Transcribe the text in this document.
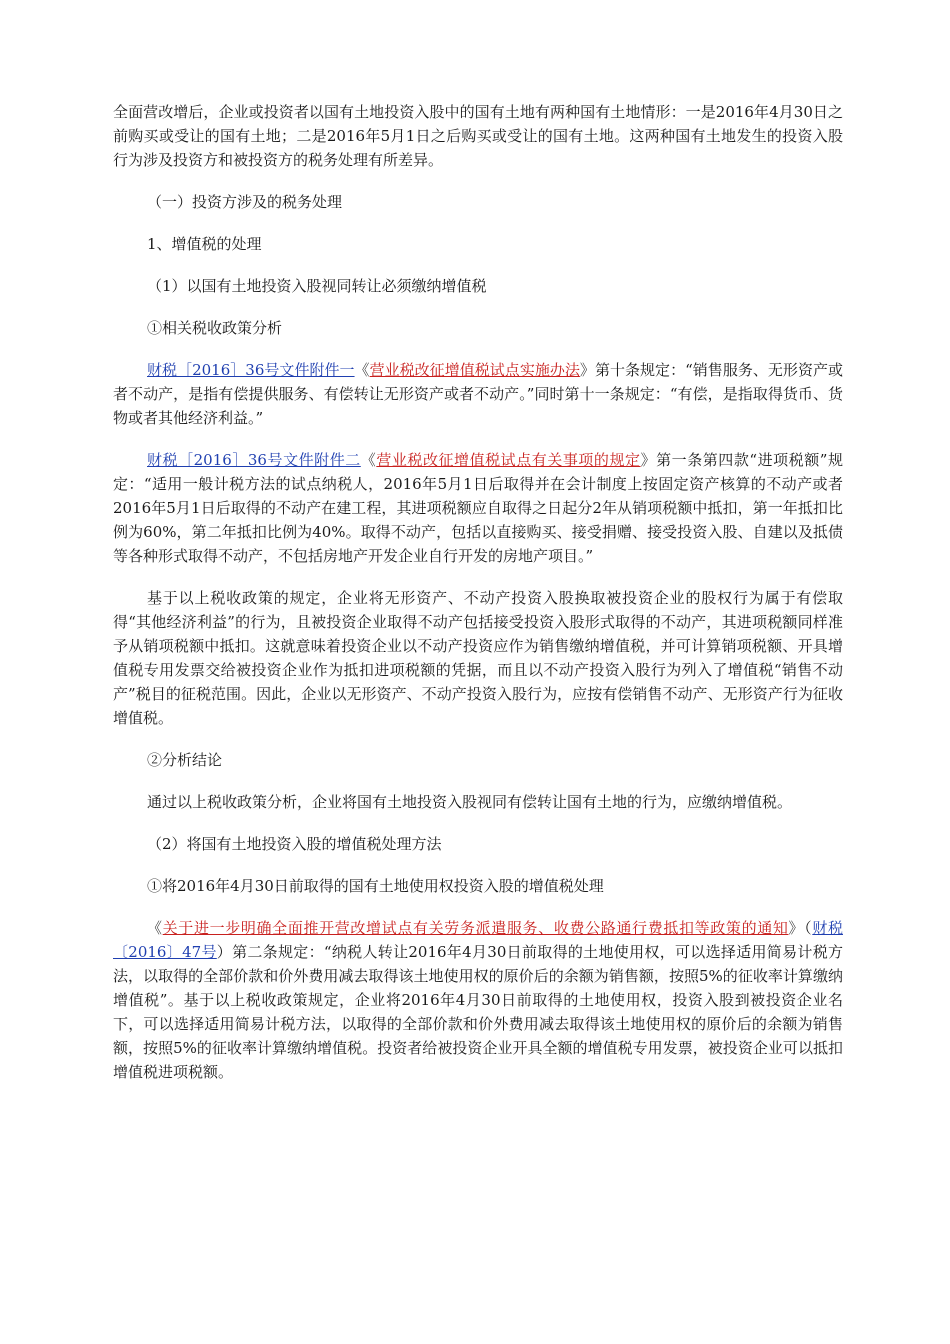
全面营改增后，企业或投资者以国有土地投资入股中的国有土地有两种国有土地情形：一是2016年4月30日之前购买或受让的国有土地；二是2016年5月1日之后购买或受让的国有土地。这两种国有土地发生的投资入股行为涉及投资方和被投资方的税务处理有所差异。

（一）投资方涉及的税务处理

1、增值税的处理

（1）以国有土地投资入股视同转让必须缴纳增值税

①相关税收政策分析

财税［2016］36号文件附件一《营业税改征增值税试点实施办法》第十条规定：“销售服务、无形资产或者不动产，是指有偿提供服务、有偿转让无形资产或者不动产。”同时第十一条规定：“有偿，是指取得货币、货物或者其他经济利益。”

财税［2016］36号文件附件二《营业税改征增值税试点有关事项的规定》第一条第四款“进项税额”规定：“适用一般计税方法的试点纳税人，2016年5月1日后取得并在会计制度上按固定资产核算的不动产或者2016年5月1日后取得的不动产在建工程，其进项税额应自取得之日起分2年从销项税额中抵扣，第一年抵扣比例为60%，第二年抵扣比例为40%。取得不动产，包括以直接购买、接受捐赠、接受投资入股、自建以及抵债等各种形式取得不动产，不包括房地产开发企业自行开发的房地产项目。”

基于以上税收政策的规定，企业将无形资产、不动产投资入股换取被投资企业的股权行为属于有偿取得“其他经济利益”的行为，且被投资企业取得不动产包括接受投资入股形式取得的不动产，其进项税额同样准予从销项税额中抵扣。这就意味着投资企业以不动产投资应作为销售缴纳增值税，并可计算销项税额、开具增值税专用发票交给被投资企业作为抵扣进项税额的凭据，而且以不动产投资入股行为列入了增值税“销售不动产”税目的征税范围。因此，企业以无形资产、不动产投资入股行为，应按有偿销售不动产、无形资产行为征收增值税。

②分析结论

通过以上税收政策分析，企业将国有土地投资入股视同有偿转让国有土地的行为，应缴纳增值税。

（2）将国有土地投资入股的增值税处理方法

①将2016年4月30日前取得的国有土地使用权投资入股的增值税处理

《关于进一步明确全面推开营改增试点有关劳务派遣服务、收费公路通行费抵扣等政策的通知》（财税〔2016〕47号）第二条规定：“纳税人转让2016年4月30日前取得的土地使用权，可以选择适用简易计税方法，以取得的全部价款和价外费用减去取得该土地使用权的原价后的余额为销售额，按照5%的征收率计算缴纳增值税”。基于以上税收政策规定，企业将2016年4月30日前取得的土地使用权，投资入股到被投资企业名下，可以选择适用简易计税方法，以取得的全部价款和价外费用减去取得该土地使用权的原价后的余额为销售额，按照5%的征收率计算缴纳增值税。投资者给被投资企业开具全额的增值税专用发票，被投资企业可以抵扣增值税进项税额。
